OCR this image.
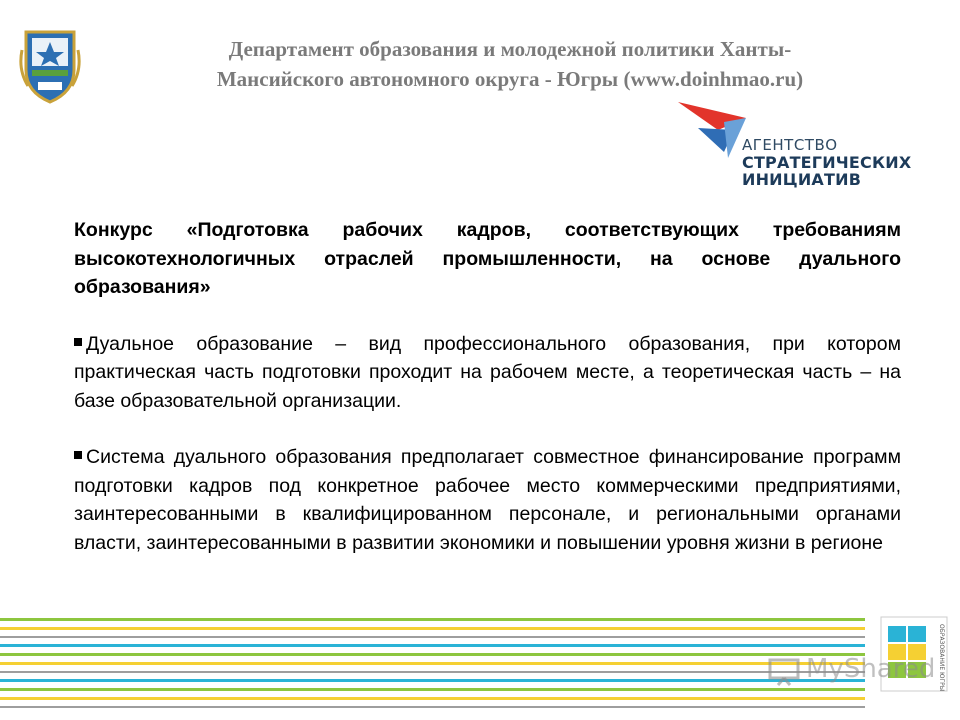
Департамент образования и молодежной политики Ханты-
Мансийского автономного округа - Югры (www.doinhmao.ru)
АГЕНТСТВО
СТРАТЕГИЧЕСКИХ
ИНИЦИАТИВ

Конкурс «Подготовка рабочих кадров, соответствующих требованиям высокотехнологичных отраслей промышленности, на основе дуального образования»

Дуальное образование – вид профессионального образования, при котором практическая часть подготовки проходит на рабочем месте, а теоретическая часть – на базе образовательной организации.

Система дуального образования предполагает совместное финансирование программ подготовки кадров под конкретное рабочее место коммерческими предприятиями, заинтересованными в квалифицированном персонале, и региональными органами власти, заинтересованными в развитии экономики и повышении уровня жизни в регионе

ОБРАЗОВАНИЕ ЮГРЫ
MyShared
